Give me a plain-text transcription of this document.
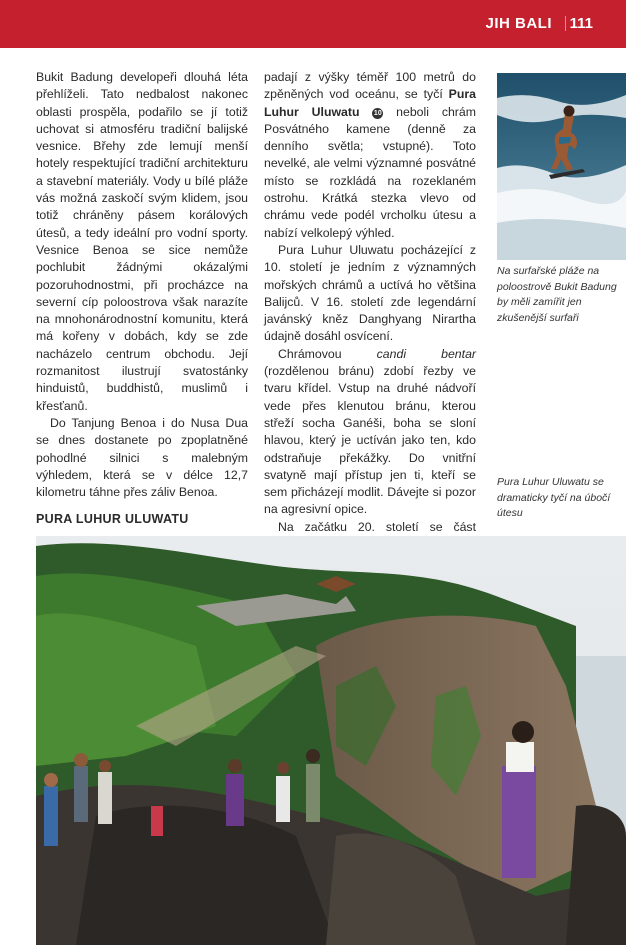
JIH BALI 111

Bukit Badung developeři dlouhá léta přehlíželi. Tato nedbalost nakonec oblasti prospěla, podařilo se jí totiž uchovat si atmosféru tradiční balijské vesnice. Břehy zde lemují menší hotely respektující tradiční architekturu a stavební materiály. Vody u bílé pláže vás možná zaskočí svým klidem, jsou totiž chráněny pásem korálových útesů, a tedy ideální pro vodní sporty. Vesnice Benoa se sice nemůže pochlubit žádnými okázalými pozoruhodnostmi, při procházce na severní cíp poloostrova však narazíte na mnohonárodnostní komunitu, která má kořeny v dobách, kdy se zde nacházelo centrum obchodu. Její rozmanitost ilustrují svatostánky hinduistů, buddhistů, muslimů i křesťanů.

Do Tanjung Benoa i do Nusa Dua se dnes dostanete po zpoplatněné pohodlné silnici s malebným výhledem, která se v délce 12,7 kilometru táhne přes záliv Benoa.

PURA LUHUR ULUWATU

padají z výšky téměř 100 metrů do zpěněných vod oceánu, se tyčí Pura Luhur Uluwatu 10 neboli chrám Posvátného kamene (denně za denního světla; vstupné). Toto nevelké, ale velmi významné posvátné místo se rozkládá na rozeklaném ostrohu. Krátká stezka vlevo od chrámu vede podél vrcholku útesu a nabízí velkolepý výhled.

Pura Luhur Uluwatu pocházející z 10. století je jedním z významných mořských chrámů a uctívá ho většina Balijců. V 16. století zde legendární javánský kněz Danghyang Nirartha údajně dosáhl osvícení.

Chrámovou candi bentar (rozdělenou bránu) zdobí řezby ve tvaru křídel. Vstup na druhé nádvoří vede přes klenutou bránu, kterou střeží socha Ganéši, boha se sloní hlavou, který je uctíván jako ten, kdo odstraňuje překážky. Do vnitřní svatyně mají přístup jen ti, kteří se sem přicházejí modlit. Dávejte si pozor na agresivní opice.

Na začátku 20. století se část

Na surfařské pláže na poloostrově Bukit Badung by měli zamířit jen zkušenější surfaři
Pura Luhur Uluwatu se dramaticky tyčí na úbočí útesu
